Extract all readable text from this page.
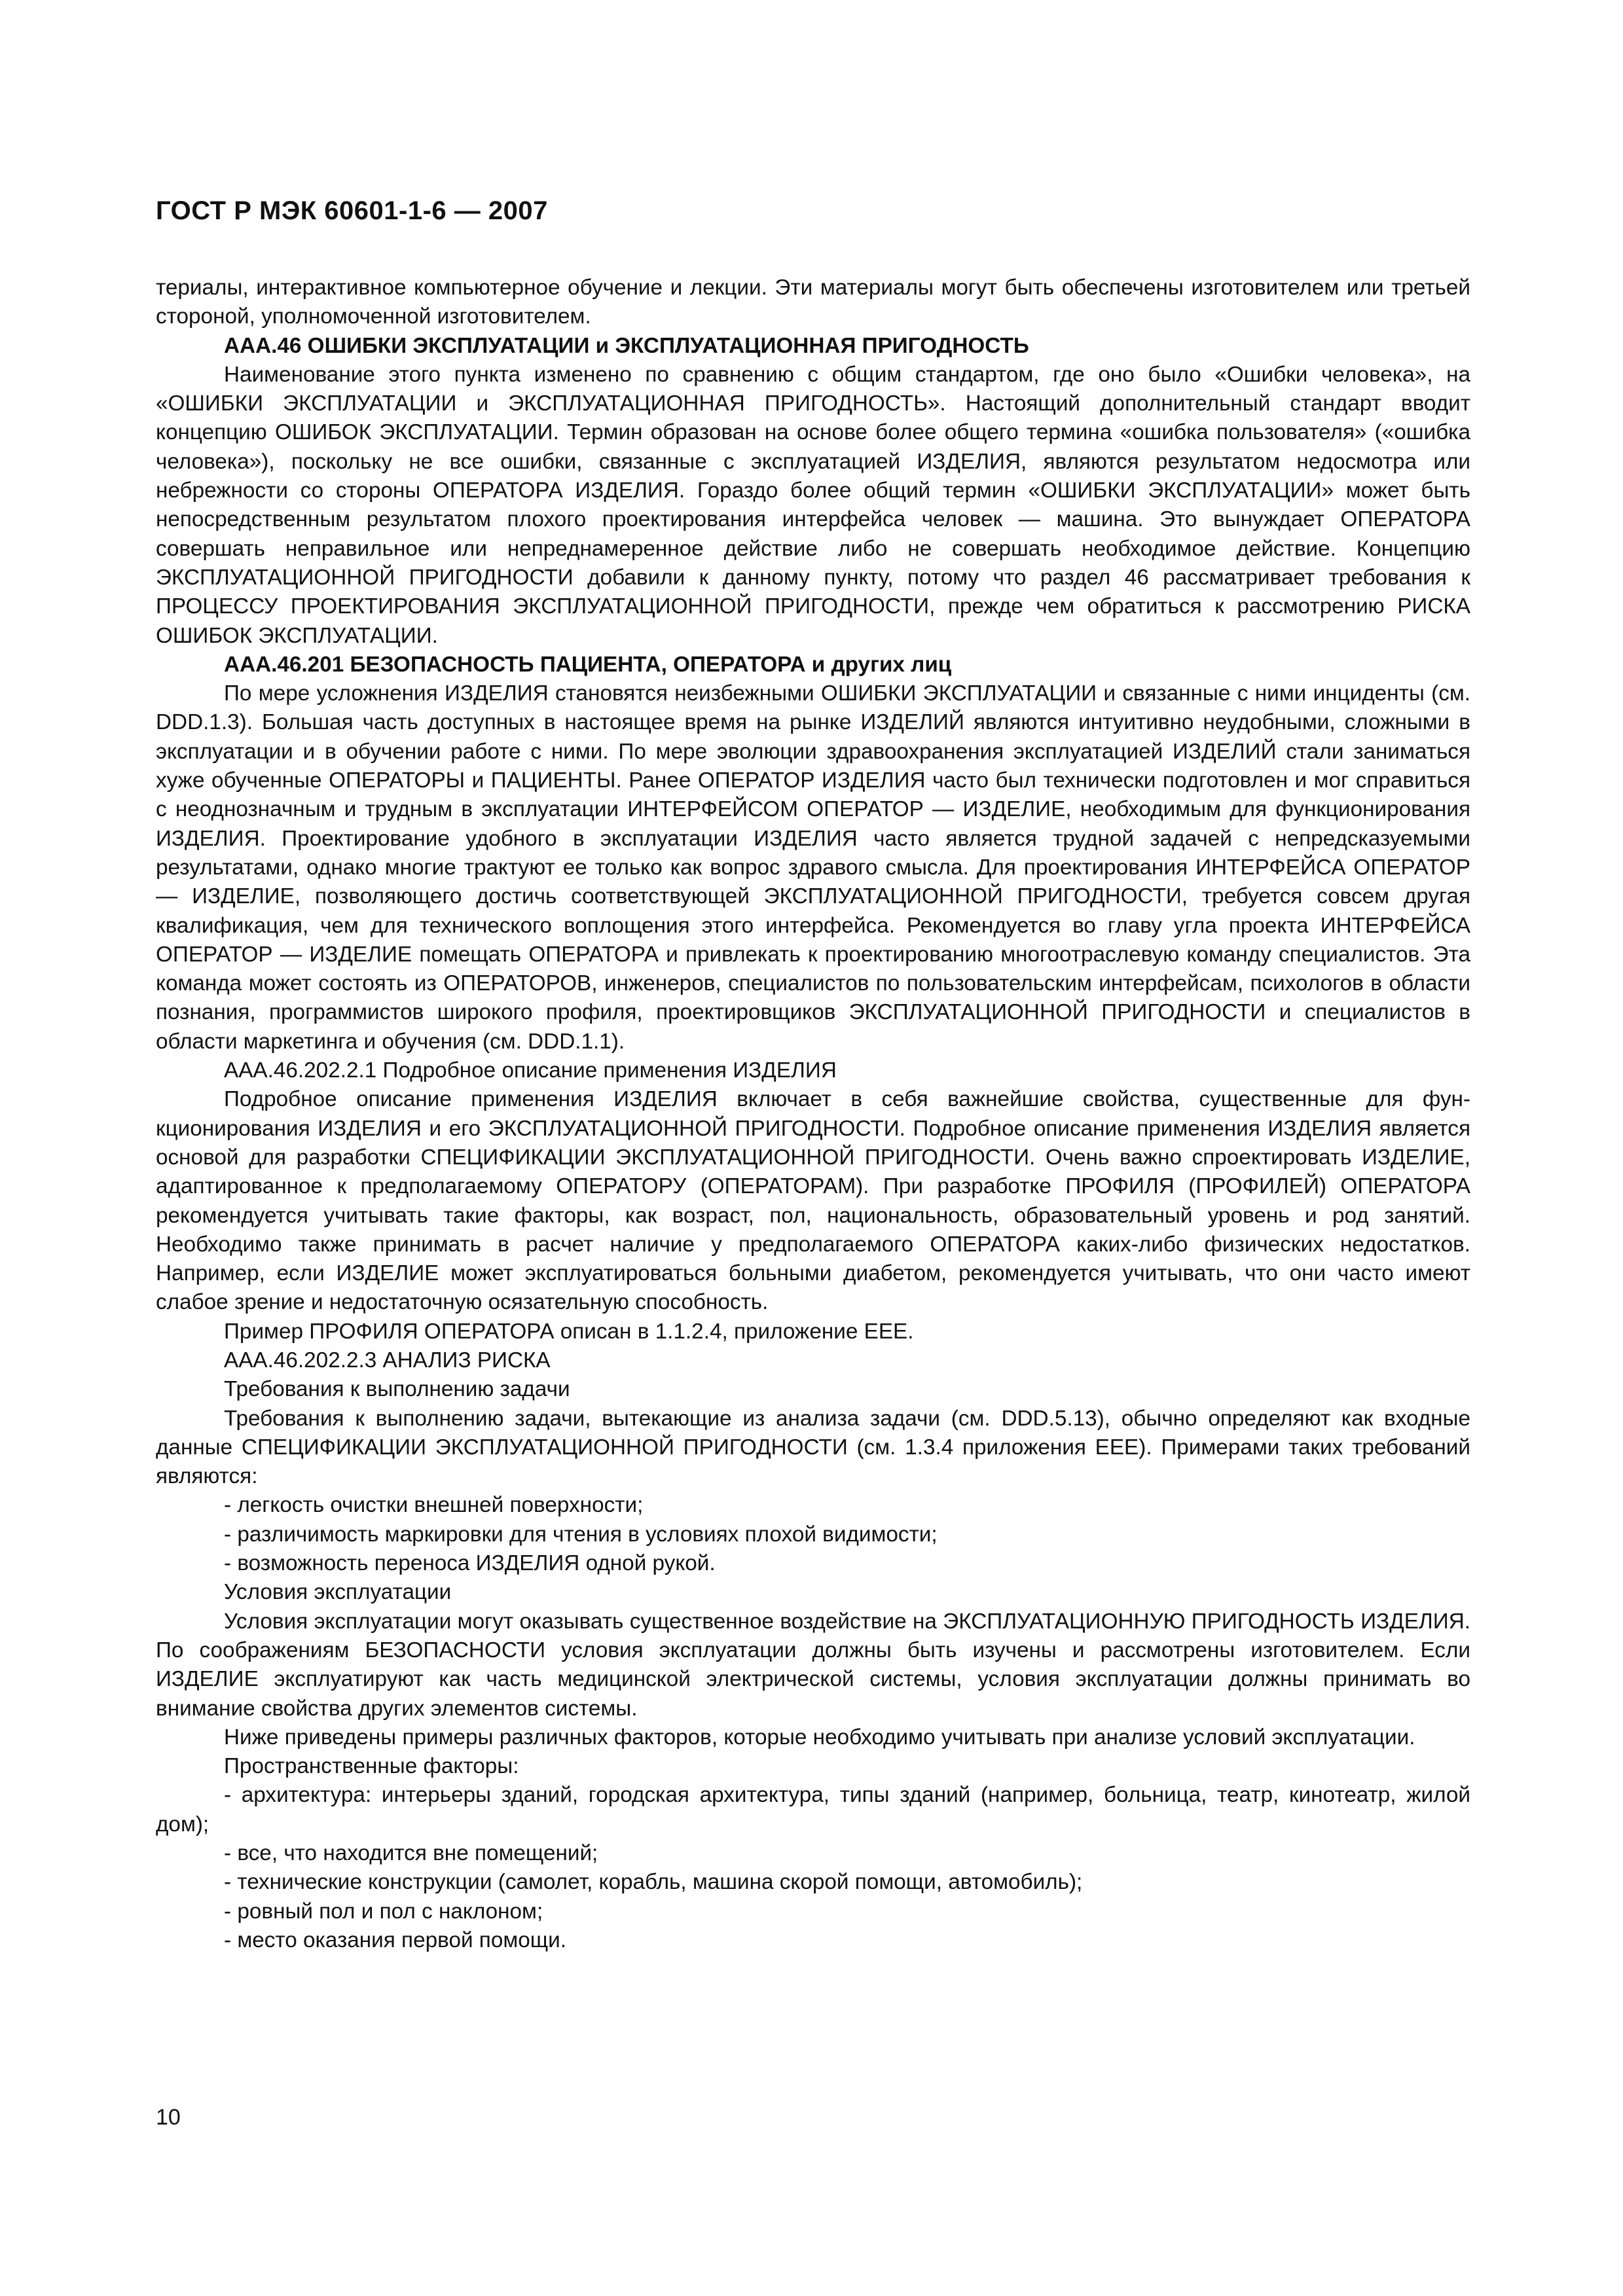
ГОСТ Р МЭК 60601-1-6 — 2007

териалы, интерактивное компьютерное обучение и лекции. Эти материалы могут быть обеспечены изготовителем или третьей стороной, уполномоченной изготовителем.

ААА.46 ОШИБКИ ЭКСПЛУАТАЦИИ и ЭКСПЛУАТАЦИОННАЯ ПРИГОДНОСТЬ

Наименование этого пункта изменено по сравнению с общим стандартом, где оно было «Ошибки человека», на «ОШИБКИ ЭКСПЛУАТАЦИИ и ЭКСПЛУАТАЦИОННАЯ ПРИГОДНОСТЬ». Настоящий дополнительный стандарт вводит концепцию ОШИБОК ЭКСПЛУАТАЦИИ. Термин образован на основе более общего термина «ошибка пользователя» («ошибка человека»), поскольку не все ошибки, связанные с эксплуатацией ИЗДЕЛИЯ, являются результатом недосмотра или небрежности со стороны ОПЕРАТОРА ИЗДЕЛИЯ. Гораздо более общий термин «ОШИБКИ ЭКСПЛУАТАЦИИ» может быть непосредственным результатом плохого проектирования интерфейса человек — машина. Это вынуждает ОПЕРАТОРА совершать неправильное или непреднамеренное действие либо не совершать необходимое действие. Концепцию ЭКСПЛУАТАЦИОННОЙ ПРИГОДНОСТИ добавили к данному пункту, потому что раздел 46 рассматривает требования к ПРОЦЕССУ ПРОЕКТИРОВАНИЯ ЭКСПЛУАТАЦИОННОЙ ПРИГОДНОСТИ, прежде чем обратиться к рассмотрению РИСКА ОШИБОК ЭКСПЛУАТАЦИИ.

ААА.46.201 БЕЗОПАСНОСТЬ ПАЦИЕНТА, ОПЕРАТОРА и других лиц

По мере усложнения ИЗДЕЛИЯ становятся неизбежными ОШИБКИ ЭКСПЛУАТАЦИИ и связанные с ними инциденты (см. DDD.1.3). Большая часть доступных в настоящее время на рынке ИЗДЕЛИЙ являются интуитивно неудобными, сложными в эксплуатации и в обучении работе с ними. По мере эволюции здравоохранения эксплуатацией ИЗДЕЛИЙ стали заниматься хуже обученные ОПЕРАТОРЫ и ПАЦИЕНТЫ. Ранее ОПЕРАТОР ИЗДЕЛИЯ часто был технически подготовлен и мог справиться с неоднозначным и трудным в эксплуатации ИНТЕРФЕЙСОМ ОПЕРАТОР — ИЗДЕЛИЕ, необходимым для функционирования ИЗДЕЛИЯ. Проектирование удобного в эксплуатации ИЗДЕЛИЯ часто является трудной задачей с непредсказуемыми результатами, однако многие трактуют ее только как вопрос здравого смысла. Для проектирования ИНТЕРФЕЙСА ОПЕРАТОР — ИЗДЕЛИЕ, позволяющего достичь соответствующей ЭКСПЛУАТАЦИОННОЙ ПРИГОДНОСТИ, требуется совсем другая квалификация, чем для технического воплощения этого интерфейса. Рекомендуется во главу угла проекта ИНТЕРФЕЙСА ОПЕРАТОР — ИЗДЕЛИЕ помещать ОПЕРАТОРА и привлекать к проектированию многоотраслевую команду специалистов. Эта команда может состоять из ОПЕРАТОРОВ, инженеров, специалистов по пользовательским интерфейсам, психологов в области познания, программистов широкого профиля, проектировщиков ЭКСПЛУАТАЦИОННОЙ ПРИГОДНОСТИ и специалистов в области маркетинга и обучения (см. DDD.1.1).

ААА.46.202.2.1 Подробное описание применения ИЗДЕЛИЯ

Подробное описание применения ИЗДЕЛИЯ включает в себя важнейшие свойства, существенные для функционирования ИЗДЕЛИЯ и его ЭКСПЛУАТАЦИОННОЙ ПРИГОДНОСТИ. Подробное описание применения ИЗДЕЛИЯ является основой для разработки СПЕЦИФИКАЦИИ ЭКСПЛУАТАЦИОННОЙ ПРИГОДНОСТИ. Очень важно спроектировать ИЗДЕЛИЕ, адаптированное к предполагаемому ОПЕРАТОРУ (ОПЕРАТОРАМ). При разработке ПРОФИЛЯ (ПРОФИЛЕЙ) ОПЕРАТОРА рекомендуется учитывать такие факторы, как возраст, пол, национальность, образовательный уровень и род занятий. Необходимо также принимать в расчет наличие у предполагаемого ОПЕРАТОРА каких-либо физических недостатков. Например, если ИЗДЕЛИЕ может эксплуатироваться больными диабетом, рекомендуется учитывать, что они часто имеют слабое зрение и недостаточную осязательную способность.

Пример ПРОФИЛЯ ОПЕРАТОРА описан в 1.1.2.4, приложение ЕЕЕ.

ААА.46.202.2.3 АНАЛИЗ РИСКА

Требования к выполнению задачи

Требования к выполнению задачи, вытекающие из анализа задачи (см. DDD.5.13), обычно определяют как входные данные СПЕЦИФИКАЦИИ ЭКСПЛУАТАЦИОННОЙ ПРИГОДНОСТИ (см. 1.3.4 приложения ЕЕЕ). Примерами таких требований являются:

- легкость очистки внешней поверхности;

- различимость маркировки для чтения в условиях плохой видимости;

- возможность переноса ИЗДЕЛИЯ одной рукой.

Условия эксплуатации

Условия эксплуатации могут оказывать существенное воздействие на ЭКСПЛУАТАЦИОННУЮ ПРИГОДНОСТЬ ИЗДЕЛИЯ. По соображениям БЕЗОПАСНОСТИ условия эксплуатации должны быть изучены и рассмотрены изготовителем. Если ИЗДЕЛИЕ эксплуатируют как часть медицинской электрической системы, условия эксплуатации должны принимать во внимание свойства других элементов системы.

Ниже приведены примеры различных факторов, которые необходимо учитывать при анализе условий эксплуатации.

Пространственные факторы:

- архитектура: интерьеры зданий, городская архитектура, типы зданий (например, больница, театр, кинотеатр, жилой дом);

- все, что находится вне помещений;

- технические конструкции (самолет, корабль, машина скорой помощи, автомобиль);

- ровный пол и пол с наклоном;

- место оказания первой помощи.

10
